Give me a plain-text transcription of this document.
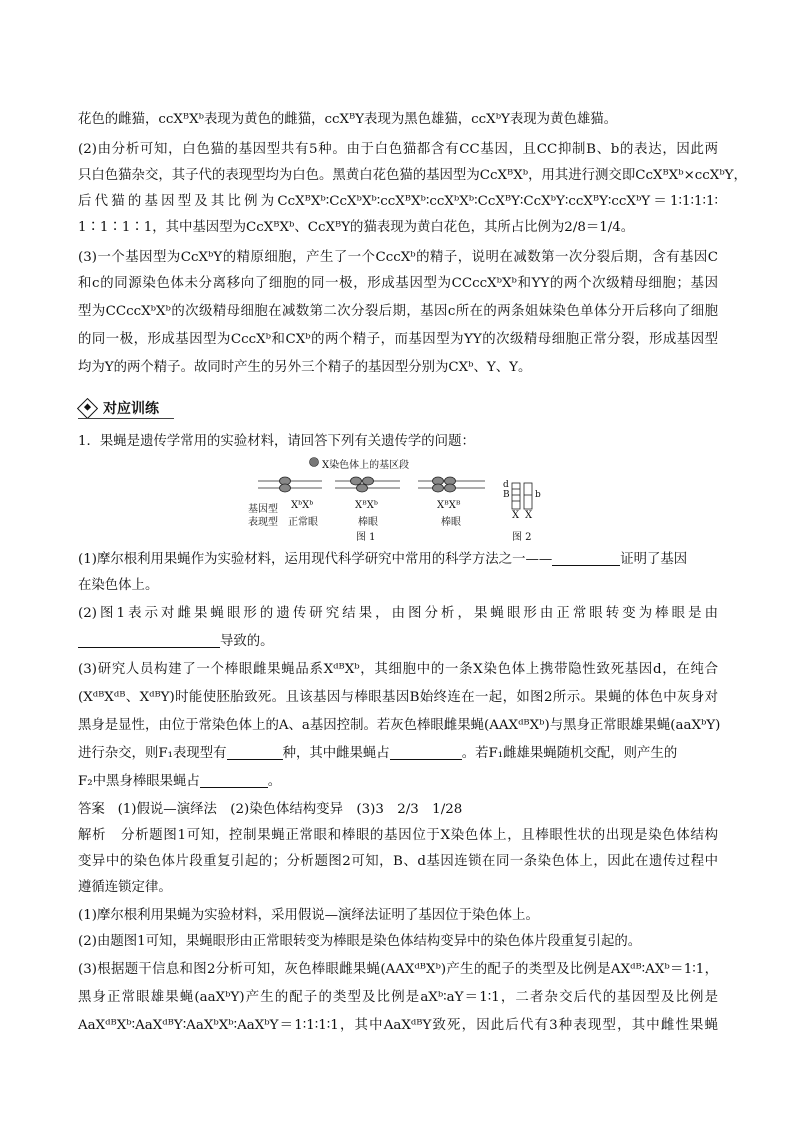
花色的雌猫，ccXᴮXᵇ表现为黄色的雌猫，ccXᴮY表现为黑色雄猫，ccXᵇY表现为黄色雄猫。
(2)由分析可知，白色猫的基因型共有5种。由于白色猫都含有CC基因，且CC抑制B、b的表达，因此两
只白色猫杂交，其子代的表现型均为白色。黑黄白花色猫的基因型为CcXᴮXᵇ，用其进行测交即CcXᴮXᵇ×ccXᵇY，
后代猫的基因型及其比例为CcXᴮXᵇ∶CcXᵇXᵇ∶ccXᴮXᵇ∶ccXᵇXᵇ∶CcXᴮY∶CcXᵇY∶ccXᴮY∶ccXᵇY＝1∶1∶1∶1∶
1∶1∶1∶1，其中基因型为CcXᴮXᵇ、CcXᴮY的猫表现为黄白花色，其所占比例为2/8＝1/4。
(3)一个基因型为CcXᵇY的精原细胞，产生了一个CccXᵇ的精子，说明在减数第一次分裂后期，含有基因C
和c的同源染色体未分离移向了细胞的同一极，形成基因型为CCccXᵇXᵇ和YY的两个次级精母细胞；基因
型为CCccXᵇXᵇ的次级精母细胞在减数第二次分裂后期，基因c所在的两条姐妹染色单体分开后移向了细胞
的同一极，形成基因型为CccXᵇ和CXᵇ的两个精子，而基因型为YY的次级精母细胞正常分裂，形成基因型
均为Y的两个精子。故同时产生的另外三个精子的基因型分别为CXᵇ、Y、Y。
对应训练
1．果蝇是遗传学常用的实验材料，请回答下列有关遗传学的问题：
X染色体上的基区段
基因型
表现型
XᵇXᵇ
正常眼
XᴮXᵇ
棒眼
XᴮXᴮ
棒眼
图 1
d
B	b
X X
图 2
(1)摩尔根利用果蝇作为实验材料，运用现代科学研究中常用的科学方法之一——	证明了基因
在染色体上。
(2)图1表示对雌果蝇眼形的遗传研究结果，由图分析，果蝇眼形由正常眼转变为棒眼是由
导致的。
(3)研究人员构建了一个棒眼雌果蝇品系XᵈᴮXᵇ，其细胞中的一条X染色体上携带隐性致死基因d，在纯合
(XᵈᴮXᵈᴮ、XᵈᴮY)时能使胚胎致死。且该基因与棒眼基因B始终连在一起，如图2所示。果蝇的体色中灰身对
黑身是显性，由位于常染色体上的A、a基因控制。若灰色棒眼雌果蝇(AAXᵈᴮXᵇ)与黑身正常眼雄果蝇(aaXᵇY)
进行杂交，则F₁表现型有	种，其中雌果蝇占	。若F₁雌雄果蝇随机交配，则产生的
F₂中黑身棒眼果蝇占	。
答案 (1)假说—演绎法　(2)染色体结构变异　(3)3　2/3　1/28
解析 分析题图1可知，控制果蝇正常眼和棒眼的基因位于X染色体上，且棒眼性状的出现是染色体结构
变异中的染色体片段重复引起的；分析题图2可知，B、d基因连锁在同一条染色体上，因此在遗传过程中
遵循连锁定律。
(1)摩尔根利用果蝇为实验材料，采用假说—演绎法证明了基因位于染色体上。
(2)由题图1可知，果蝇眼形由正常眼转变为棒眼是染色体结构变异中的染色体片段重复引起的。
(3)根据题干信息和图2分析可知，灰色棒眼雌果蝇(AAXᵈᴮXᵇ)产生的配子的类型及比例是AXᵈᴮ∶AXᵇ＝1∶1，
黑身正常眼雄果蝇(aaXᵇY)产生的配子的类型及比例是aXᵇ∶aY＝1∶1，二者杂交后代的基因型及比例是
AaXᵈᴮXᵇ∶AaXᵈᴮY∶AaXᵇXᵇ∶AaXᵇY＝1∶1∶1∶1，其中AaXᵈᴮY致死，因此后代有3种表现型，其中雌性果蝇
